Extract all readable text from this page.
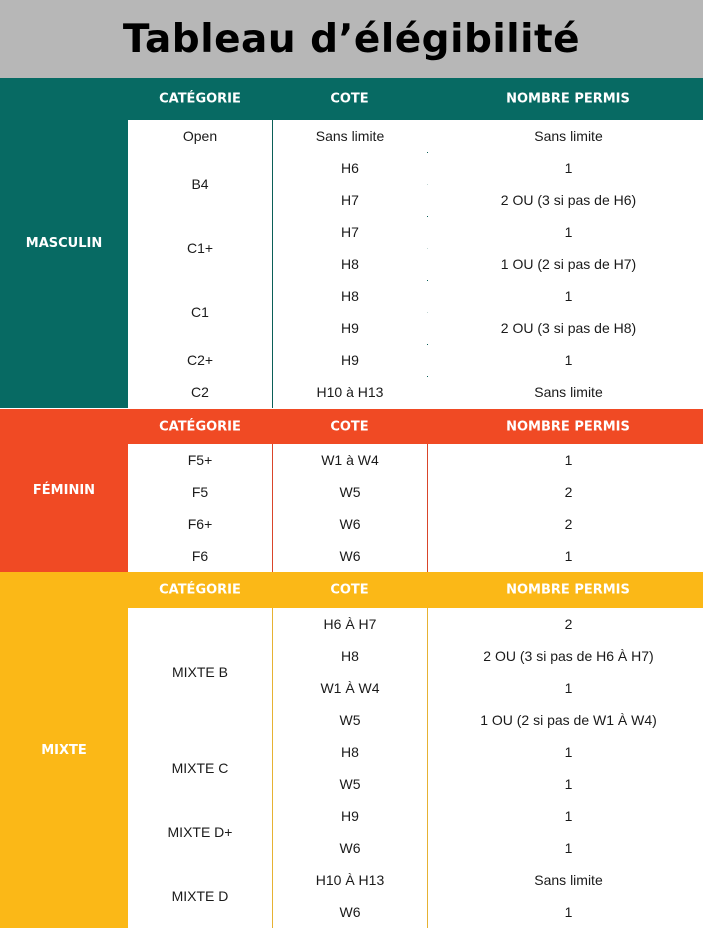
Tableau d’élégibilité
MASCULIN
CATÉGORIE	COTE	NOMBRE PERMIS
Open	Sans limite	Sans limite
B4
H6	1
H7	2 OU (3 si pas de H6)
C1+
H7	1
H8	1 OU (2 si pas de H7)
C1
H8	1
H9	2 OU (3 si pas de H8)
C2+	H9	1
C2	H10 à H13	Sans limite
FÉMININ
CATÉGORIE	COTE	NOMBRE PERMIS
F5+	W1 à W4	1
F5	W5	2
F6+	W6	2
F6	W6	1
MIXTE
CATÉGORIE	COTE	NOMBRE PERMIS
MIXTE B
H6 À H7	2
H8	2 OU (3 si pas de H6 À H7)
W1 À W4	1
W5	1 OU (2 si pas de W1 À W4)
MIXTE C
H8	1
W5	1
MIXTE D+
H9	1
W6	1
MIXTE D
H10 À H13	Sans limite
W6	1
